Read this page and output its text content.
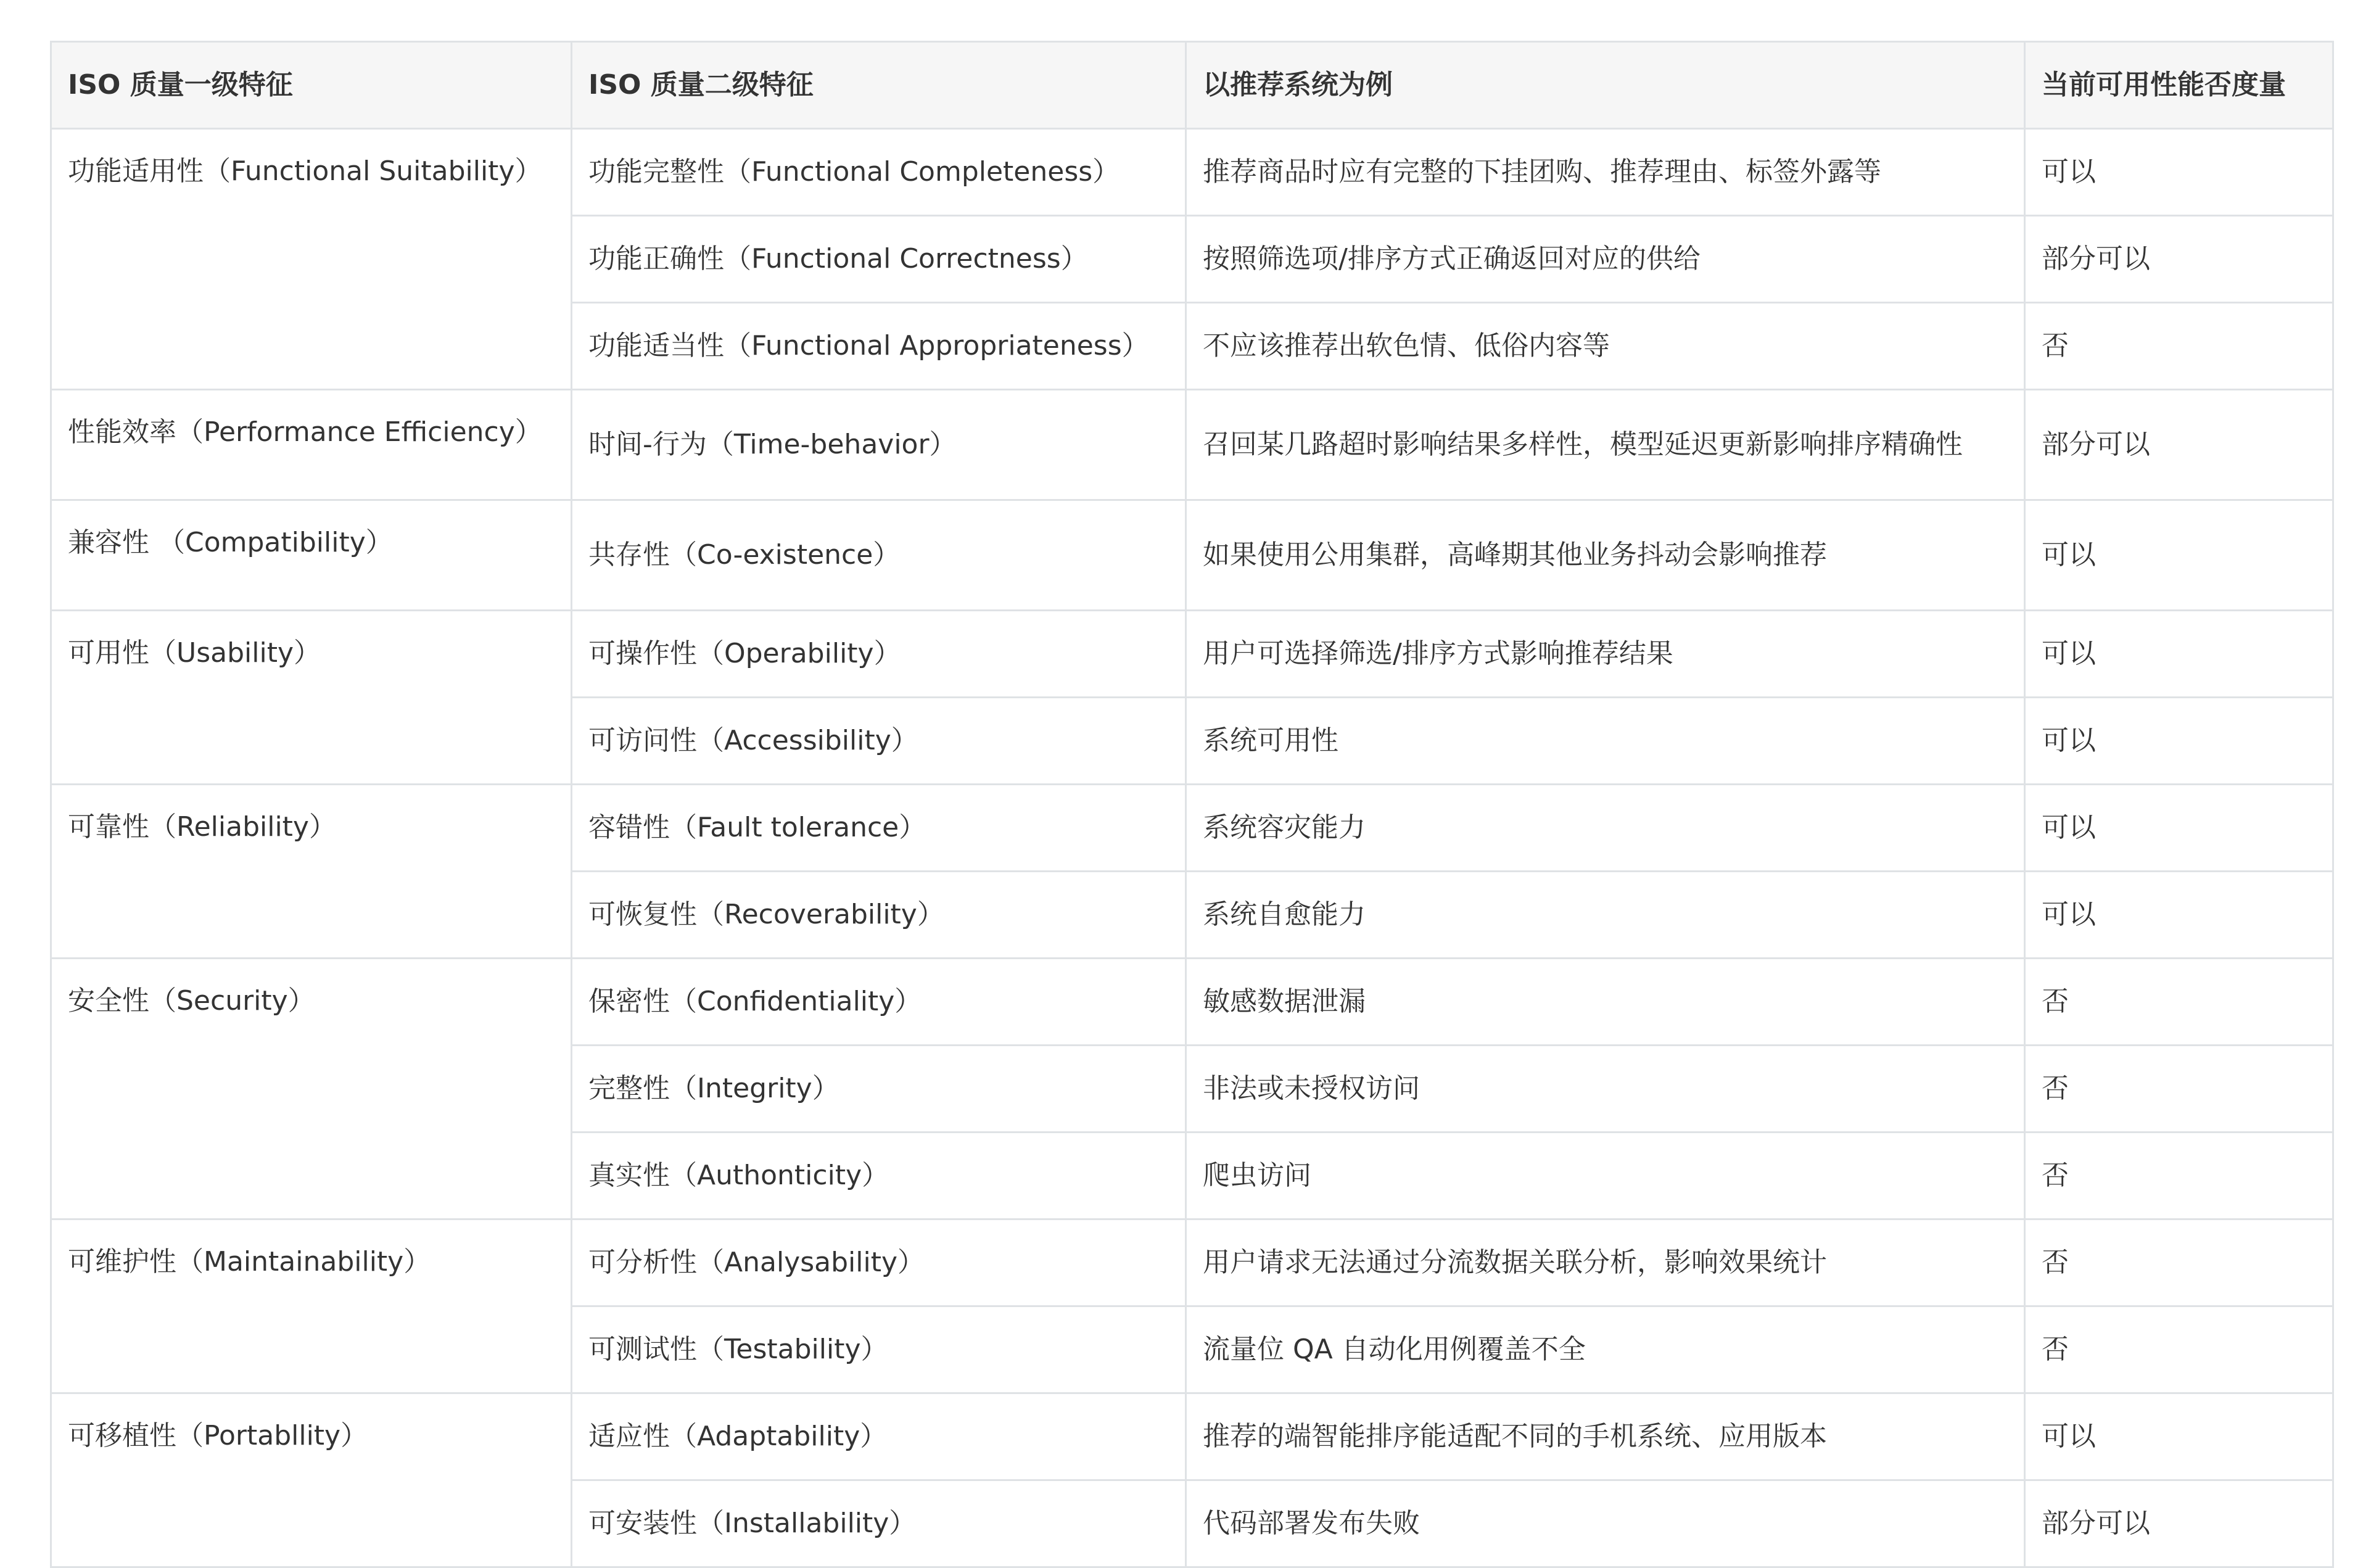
ISO 质量一级特征	ISO 质量二级特征	以推荐系统为例	当前可用性能否度量
功能适用性（Functional Suitability）	功能完整性（Functional Completeness）	推荐商品时应有完整的下挂团购、推荐理由、标签外露等	可以
	功能正确性（Functional Correctness）	按照筛选项/排序方式正确返回对应的供给	部分可以
	功能适当性（Functional Appropriateness）	不应该推荐出软色情、低俗内容等	否
性能效率（Performance Efficiency）	时间-行为（Time-behavior）	召回某几路超时影响结果多样性，模型延迟更新影响排序精确性	部分可以
兼容性 （Compatibility）	共存性（Co-existence）	如果使用公用集群，高峰期其他业务抖动会影响推荐	可以
可用性（Usability）	可操作性（Operability）	用户可选择筛选/排序方式影响推荐结果	可以
	可访问性（Accessibility）	系统可用性	可以
可靠性（Reliability）	容错性（Fault tolerance）	系统容灾能力	可以
	可恢复性（Recoverability）	系统自愈能力	可以
安全性（Security）	保密性（Confidentiality）	敏感数据泄漏	否
	完整性（Integrity）	非法或未授权访问	否
	真实性（Authonticity）	爬虫访问	否
可维护性（Maintainability）	可分析性（Analysability）	用户请求无法通过分流数据关联分析，影响效果统计	否
	可测试性（Testability）	流量位 QA 自动化用例覆盖不全	否
可移植性（Portabllity）	适应性（Adaptability）	推荐的端智能排序能适配不同的手机系统、应用版本	可以
	可安装性（Installability）	代码部署发布失败	部分可以
